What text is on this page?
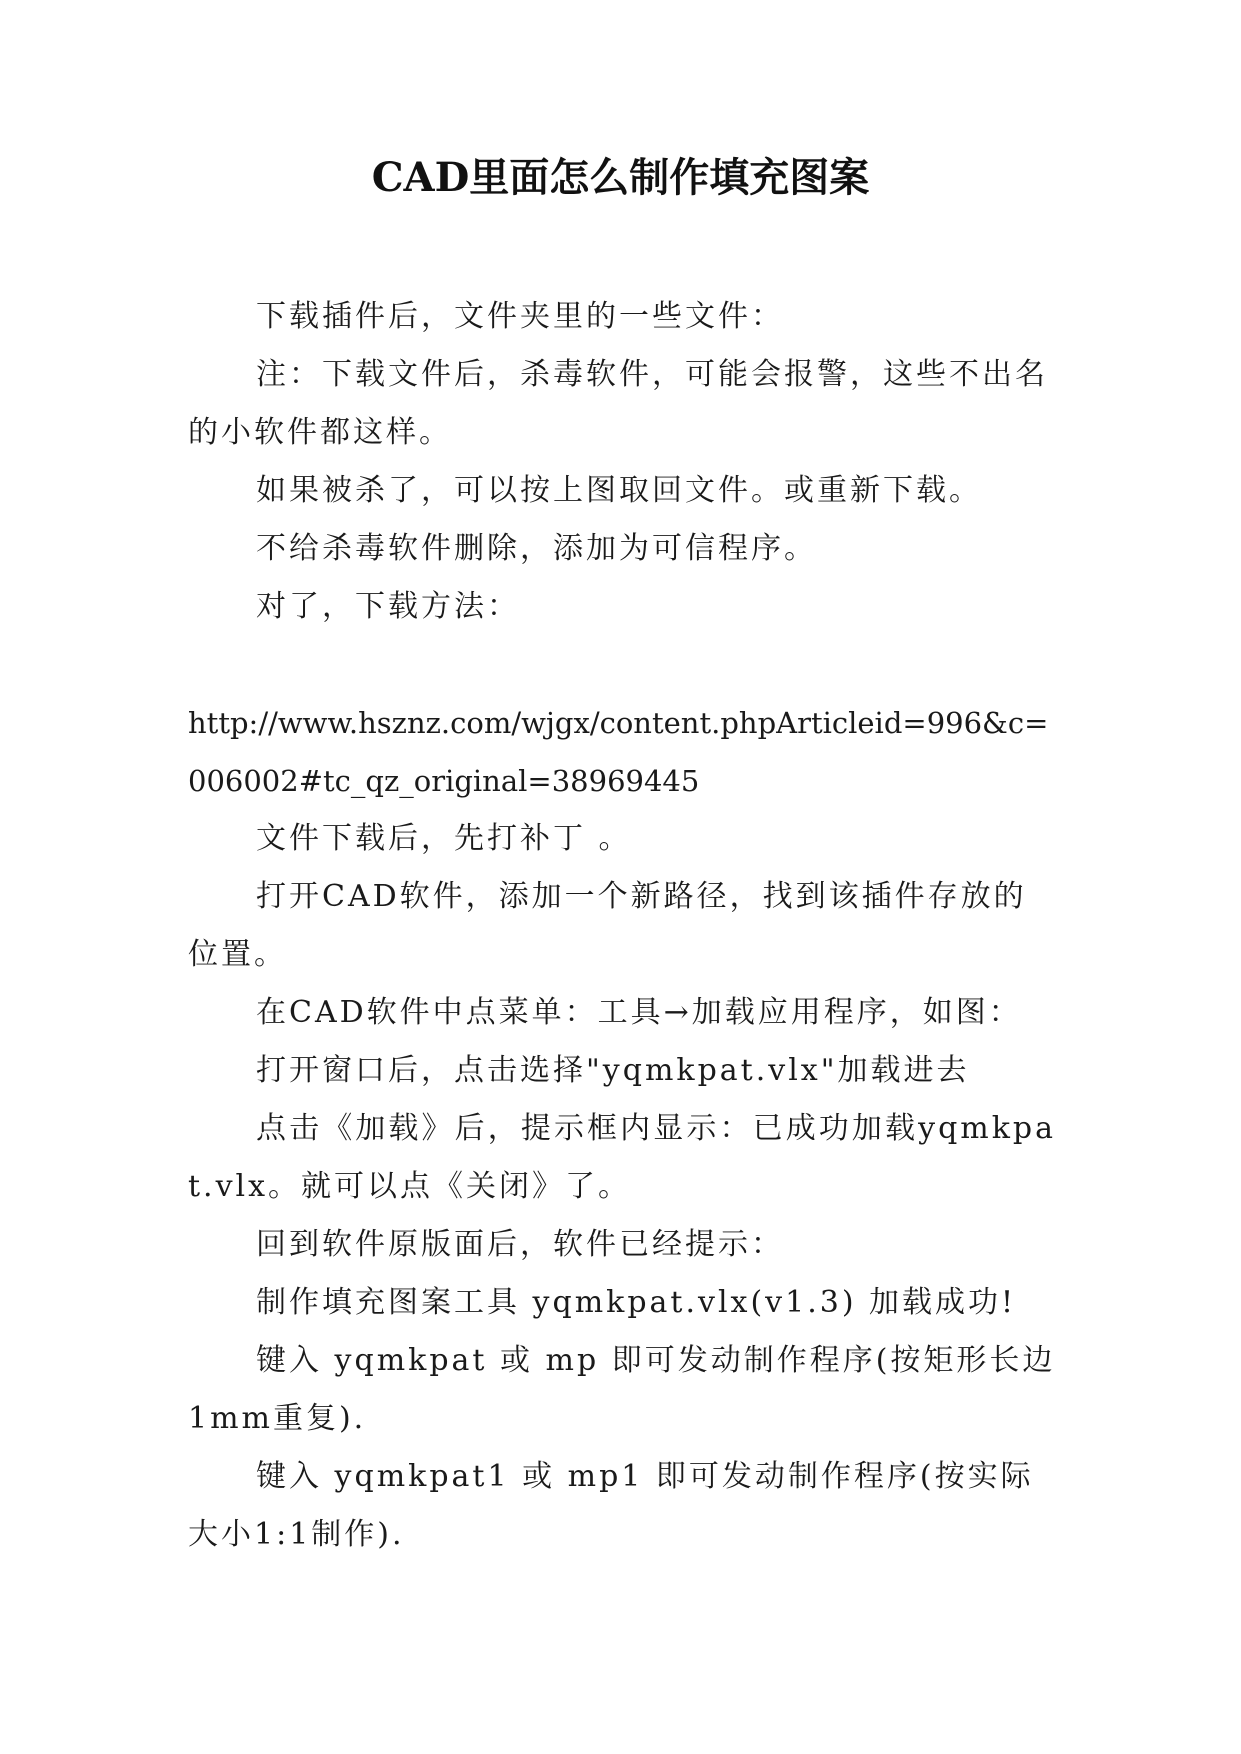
CAD里面怎么制作填充图案

下载插件后，文件夹里的一些文件：

注：下载文件后，杀毒软件，可能会报警，这些不出名的小软件都这样。

如果被杀了，可以按上图取回文件。或重新下载。

不给杀毒软件删除，添加为可信程序。

对了，下载方法：

http://www.hsznz.com/wjgx/content.phpArticleid=996&c=006002#tc_qz_original=38969445

文件下载后，先打补丁 。

打开CAD软件，添加一个新路径，找到该插件存放的位置。

在CAD软件中点菜单：工具→加载应用程序，如图：

打开窗口后，点击选择"yqmkpat.vlx"加载进去

点击《加载》后，提示框内显示：已成功加载yqmkpat.vlx。就可以点《关闭》了。

回到软件原版面后，软件已经提示：

制作填充图案工具 yqmkpat.vlx(v1.3) 加载成功!

键入 yqmkpat 或 mp 即可发动制作程序(按矩形长边1mm重复).

键入 yqmkpat1 或 mp1 即可发动制作程序(按实际大小1:1制作).
